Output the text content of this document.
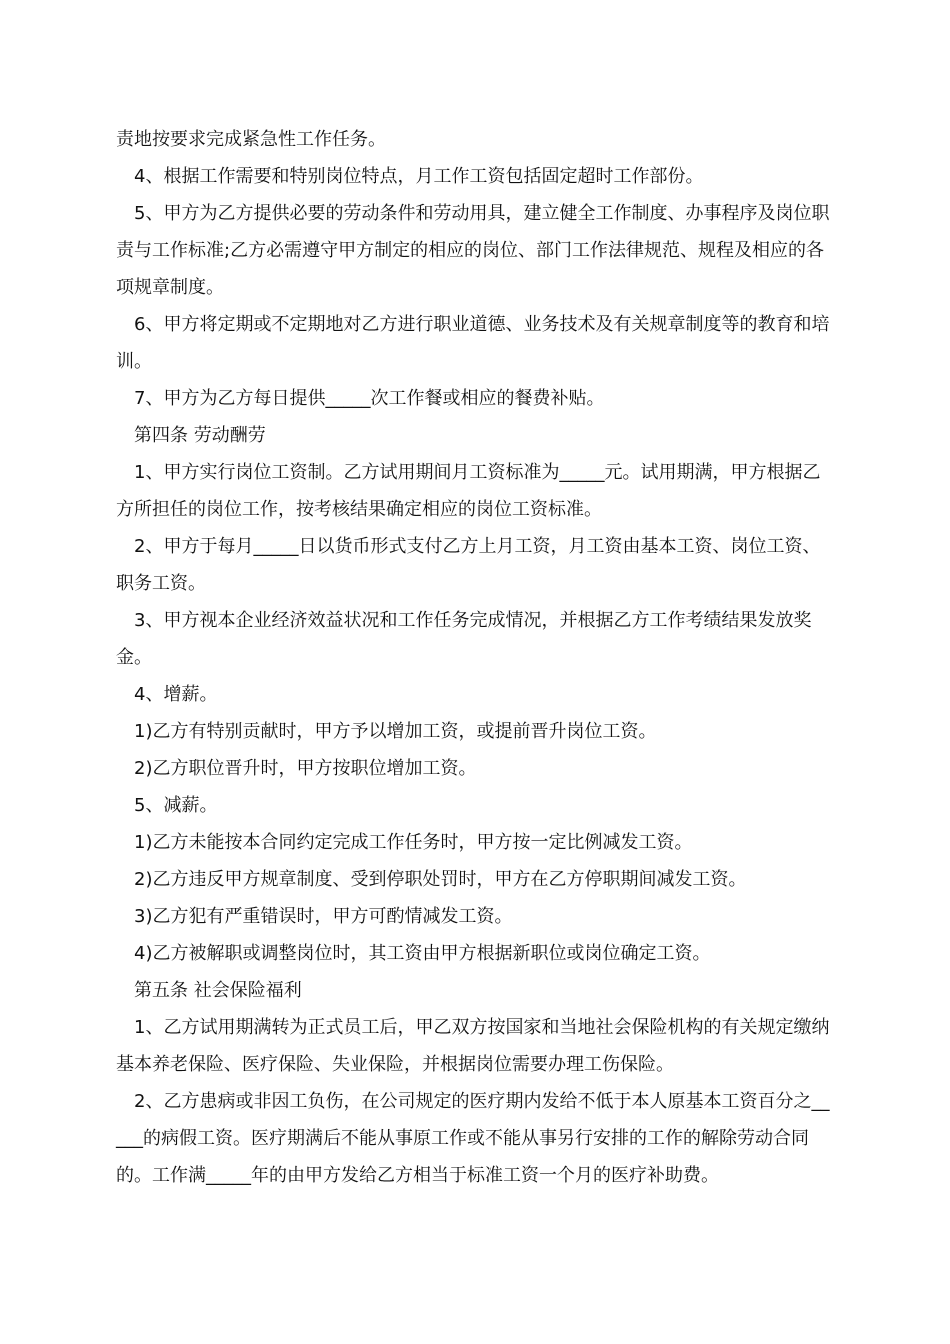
责地按要求完成紧急性工作任务。

4、根据工作需要和特别岗位特点，月工作工资包括固定超时工作部份。

5、甲方为乙方提供必要的劳动条件和劳动用具，建立健全工作制度、办事程序及岗位职责与工作标准;乙方必需遵守甲方制定的相应的岗位、部门工作法律规范、规程及相应的各项规章制度。

6、甲方将定期或不定期地对乙方进行职业道德、业务技术及有关规章制度等的教育和培训。

7、甲方为乙方每日提供_____次工作餐或相应的餐费补贴。

第四条 劳动酬劳

1、甲方实行岗位工资制。乙方试用期间月工资标准为_____元。试用期满，甲方根据乙方所担任的岗位工作，按考核结果确定相应的岗位工资标准。

2、甲方于每月_____日以货币形式支付乙方上月工资，月工资由基本工资、岗位工资、职务工资。

3、甲方视本企业经济效益状况和工作任务完成情况，并根据乙方工作考绩结果发放奖金。

4、增薪。

1)乙方有特别贡献时，甲方予以增加工资，或提前晋升岗位工资。

2)乙方职位晋升时，甲方按职位增加工资。

5、减薪。

1)乙方未能按本合同约定完成工作任务时，甲方按一定比例减发工资。

2)乙方违反甲方规章制度、受到停职处罚时，甲方在乙方停职期间减发工资。

3)乙方犯有严重错误时，甲方可酌情减发工资。

4)乙方被解职或调整岗位时，其工资由甲方根据新职位或岗位确定工资。

第五条 社会保险福利

1、乙方试用期满转为正式员工后，甲乙双方按国家和当地社会保险机构的有关规定缴纳基本养老保险、医疗保险、失业保险，并根据岗位需要办理工伤保险。

2、乙方患病或非因工负伤，在公司规定的医疗期内发给不低于本人原基本工资百分之_____的病假工资。医疗期满后不能从事原工作或不能从事另行安排的工作的解除劳动合同的。工作满_____年的由甲方发给乙方相当于标准工资一个月的医疗补助费。
